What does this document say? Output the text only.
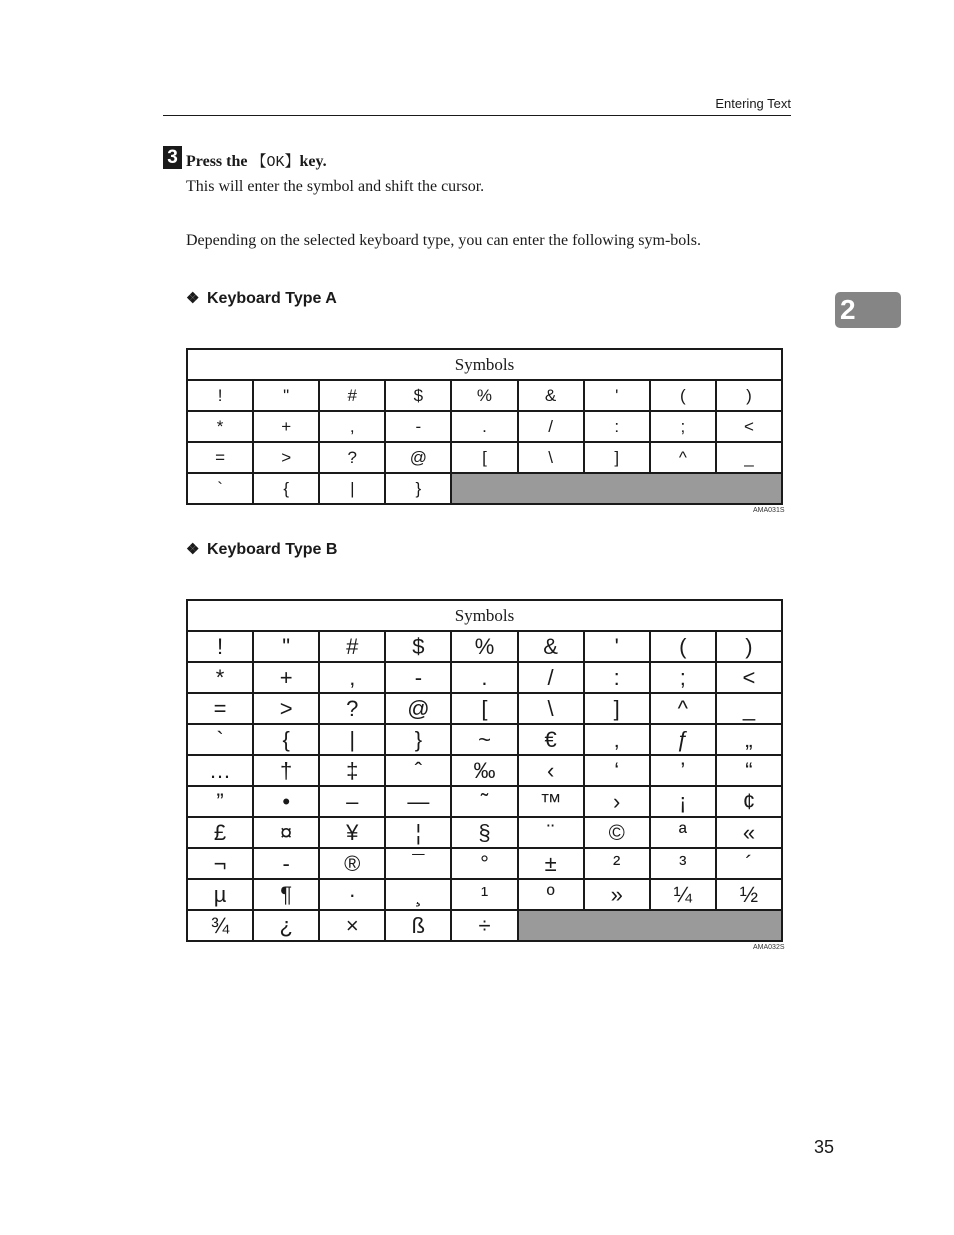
Entering Text
2
3 Press the 【OK】key.
This will enter the symbol and shift the cursor.
Depending on the selected keyboard type, you can enter the following sym-bols.
❖ Keyboard Type A
Symbols								
!	"	#	$	%	&	'	(	)
*	+	,	-	.	/	:	;	<
=	>	?	@	[	\	]	^	_
`	{	|	}					
AMA031S
❖ Keyboard Type B
Symbols								
!	"	#	$	%	&	'	(	)
*	+	,	-	.	/	:	;	<
=	>	?	@	[	\	]	^	_
`	{	|	}	~	€	‚	ƒ	„
…	†	‡	ˆ	‰	‹	‘	’	“
”	•	–	—	˜	™	›	¡	¢
£	¤	¥	¦	§	¨	©	ª	«
¬	-	®	¯	°	±	²	³	´
µ	¶	·	¸	¹	º	»	¼	½
¾	¿	×	ß	÷				
AMA032S
35
